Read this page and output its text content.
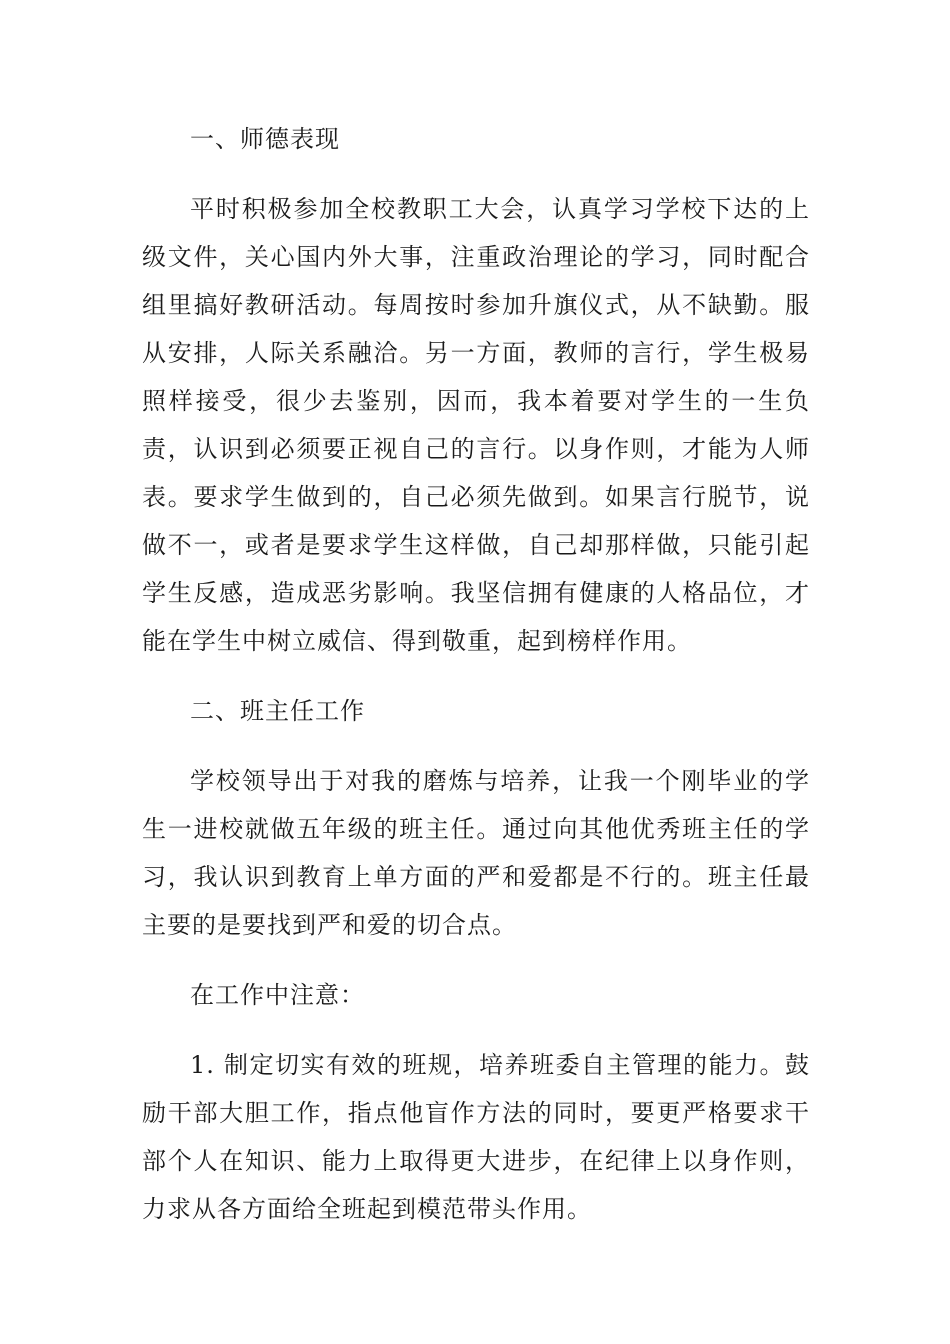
一、师德表现

平时积极参加全校教职工大会，认真学习学校下达的上级文件，关心国内外大事，注重政治理论的学习，同时配合组里搞好教研活动。每周按时参加升旗仪式，从不缺勤。服从安排，人际关系融洽。另一方面，教师的言行，学生极易照样接受，很少去鉴别，因而，我本着要对学生的一生负责，认识到必须要正视自己的言行。以身作则，才能为人师表。要求学生做到的，自己必须先做到。如果言行脱节，说做不一，或者是要求学生这样做，自己却那样做，只能引起学生反感，造成恶劣影响。我坚信拥有健康的人格品位，才能在学生中树立威信、得到敬重，起到榜样作用。

二、班主任工作

学校领导出于对我的磨炼与培养，让我一个刚毕业的学生一进校就做五年级的班主任。通过向其他优秀班主任的学习，我认识到教育上单方面的严和爱都是不行的。班主任最主要的是要找到严和爱的切合点。

在工作中注意：

1. 制定切实有效的班规，培养班委自主管理的能力。鼓励干部大胆工作，指点他盲作方法的同时，要更严格要求干部个人在知识、能力上取得更大进步，在纪律上以身作则，力求从各方面给全班起到模范带头作用。
